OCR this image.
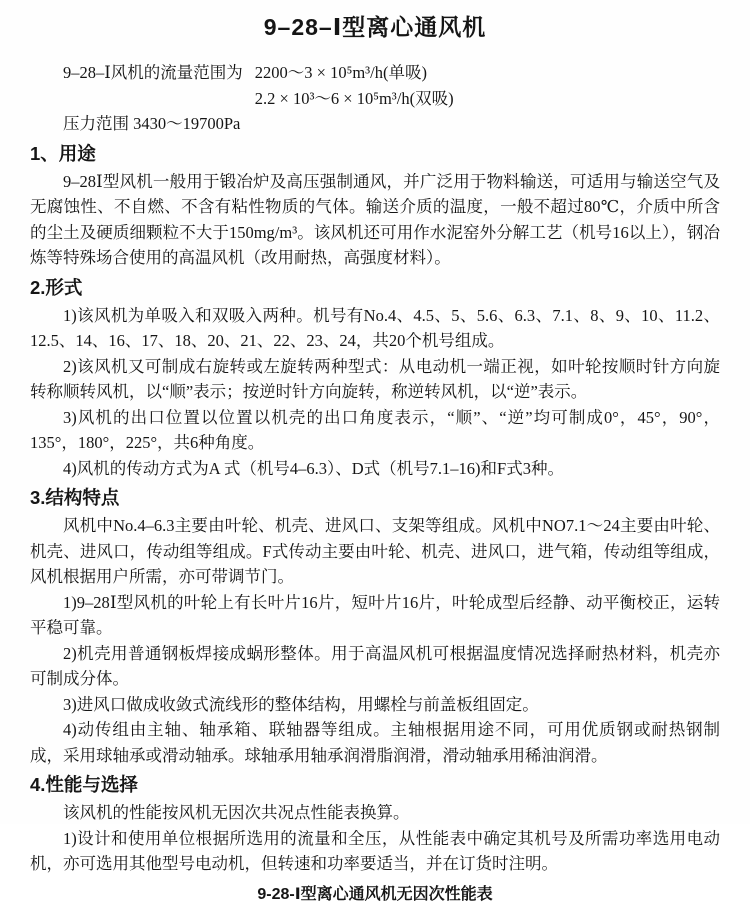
9–28–Ⅰ型离心通风机
9–28–Ⅰ风机的流量范围为 2200～3 × 10⁵m³/h(单吸)
2.2 × 10³～6 × 10⁵m³/h(双吸)

压力范围 3430～19700Pa

1、用途

9–28Ⅰ型风机一般用于锻冶炉及高压强制通风，并广泛用于物料输送，可适用与输送空气及无腐蚀性、不自燃、不含有粘性物质的气体。输送介质的温度，一般不超过80℃，介质中所含的尘土及硬质细颗粒不大于150mg/m³。该风机还可用作水泥窑外分解工艺（机号16以上），钢冶炼等特殊场合使用的高温风机（改用耐热，高强度材料）。

2.形式

1)该风机为单吸入和双吸入两种。机号有No.4、4.5、5、5.6、6.3、7.1、8、9、10、11.2、12.5、14、16、17、18、20、21、22、23、24，共20个机号组成。

2)该风机又可制成右旋转或左旋转两种型式：从电动机一端正视，如叶轮按顺时针方向旋转称顺转风机，以“顺”表示；按逆时针方向旋转，称逆转风机，以“逆”表示。

3)风机的出口位置以位置以机壳的出口角度表示，“顺”、“逆”均可制成0°，45°，90°，135°，180°，225°，共6种角度。

4)风机的传动方式为A 式（机号4–6.3）、D式（机号7.1–16)和F式3种。

3.结构特点

风机中No.4–6.3主要由叶轮、机壳、进风口、支架等组成。风机中NO7.1～24主要由叶轮、机壳、进风口，传动组等组成。F式传动主要由叶轮、机壳、进风口，进气箱，传动组等组成，风机根据用户所需，亦可带调节门。

1)9–28Ⅰ型风机的叶轮上有长叶片16片，短叶片16片，叶轮成型后经静、动平衡校正，运转平稳可靠。

2)机壳用普通钢板焊接成蜗形整体。用于高温风机可根据温度情况选择耐热材料，机壳亦可制成分体。

3)进风口做成收敛式流线形的整体结构，用螺栓与前盖板组固定。

4)动传组由主轴、轴承箱、联轴器等组成。主轴根据用途不同，可用优质钢或耐热钢制成，采用球轴承或滑动轴承。球轴承用轴承润滑脂润滑，滑动轴承用稀油润滑。

4.性能与选择

该风机的性能按风机无因次共况点性能表换算。

1)设计和使用单位根据所选用的流量和全压，从性能表中确定其机号及所需功率选用电动机，亦可选用其他型号电动机，但转速和功率要适当，并在订货时注明。

9-28-Ⅰ型离心通风机无因次性能表
